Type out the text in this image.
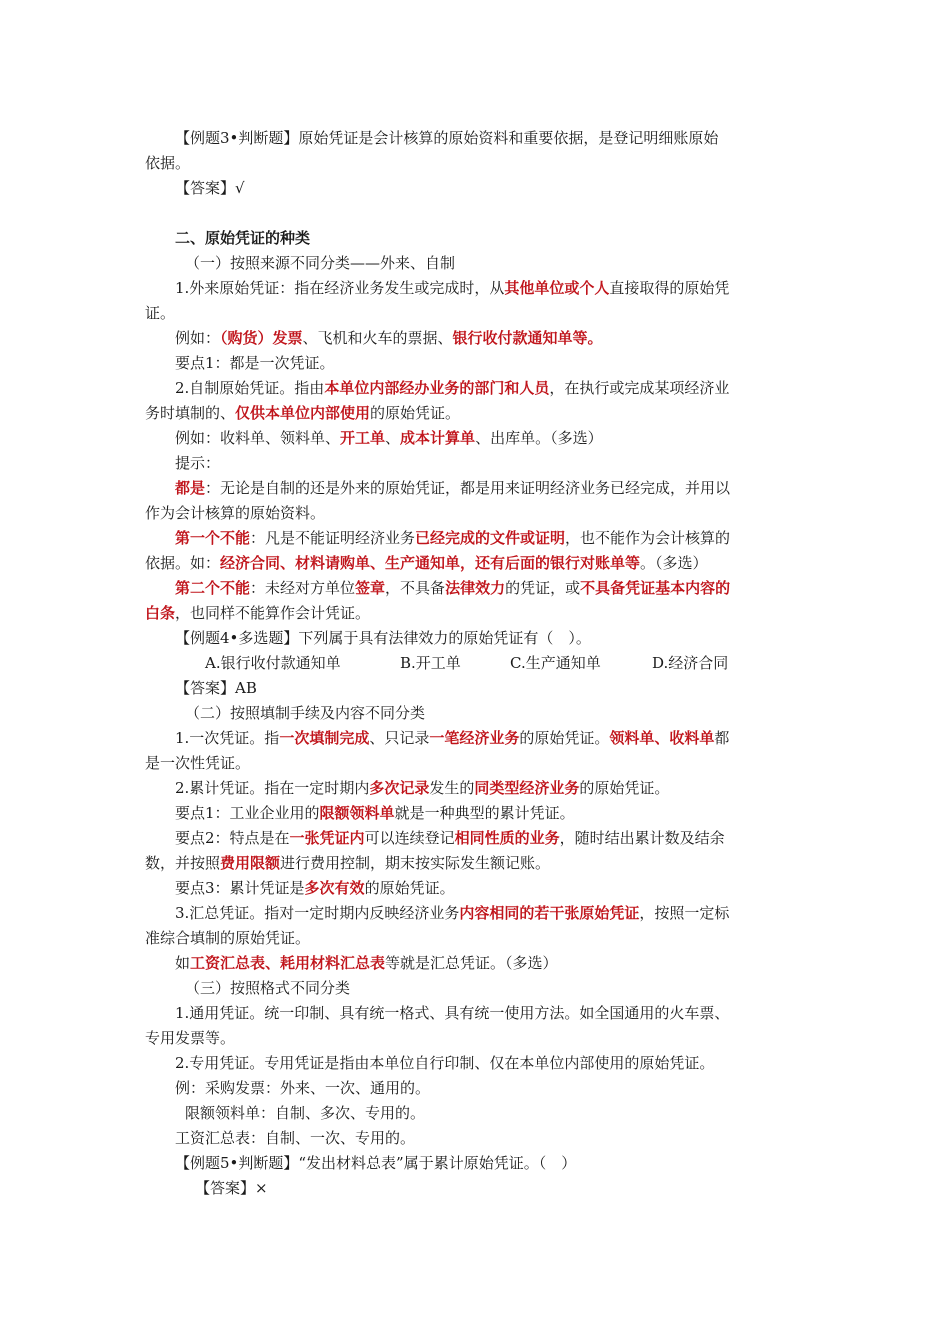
【例题3•判断题】原始凭证是会计核算的原始资料和重要依据，是登记明细账原始
依据。
【答案】√
二、原始凭证的种类
（一）按照来源不同分类——外来、自制
1.外来原始凭证：指在经济业务发生或完成时，从其他单位或个人直接取得的原始凭
证。
例如：（购货）发票、飞机和火车的票据、银行收付款通知单等。
要点1：都是一次凭证。
2.自制原始凭证。指由本单位内部经办业务的部门和人员，在执行或完成某项经济业
务时填制的、仅供本单位内部使用的原始凭证。
例如：收料单、领料单、开工单、成本计算单、出库单。（多选）
提示：
都是：无论是自制的还是外来的原始凭证，都是用来证明经济业务已经完成，并用以
作为会计核算的原始资料。
第一个不能：凡是不能证明经济业务已经完成的文件或证明，也不能作为会计核算的
依据。如：经济合同、材料请购单、生产通知单，还有后面的银行对账单等。（多选）
第二个不能：未经对方单位签章，不具备法律效力的凭证，或不具备凭证基本内容的
白条，也同样不能算作会计凭证。
【例题4•多选题】下列属于具有法律效力的原始凭证有（　）。
A.银行收付款通知单	B.开工单	C.生产通知单	D.经济合同
【答案】AB
（二）按照填制手续及内容不同分类
1.一次凭证。指一次填制完成、只记录一笔经济业务的原始凭证。领料单、收料单都
是一次性凭证。
2.累计凭证。指在一定时期内多次记录发生的同类型经济业务的原始凭证。
要点1：工业企业用的限额领料单就是一种典型的累计凭证。
要点2：特点是在一张凭证内可以连续登记相同性质的业务，随时结出累计数及结余
数，并按照费用限额进行费用控制，期末按实际发生额记账。
要点3：累计凭证是多次有效的原始凭证。
3.汇总凭证。指对一定时期内反映经济业务内容相同的若干张原始凭证，按照一定标
准综合填制的原始凭证。
如工资汇总表、耗用材料汇总表等就是汇总凭证。（多选）
（三）按照格式不同分类
1.通用凭证。统一印制、具有统一格式、具有统一使用方法。如全国通用的火车票、
专用发票等。
2.专用凭证。专用凭证是指由本单位自行印制、仅在本单位内部使用的原始凭证。
例：采购发票：外来、一次、通用的。
限额领料单：自制、多次、专用的。
工资汇总表：自制、一次、专用的。
【例题5•判断题】“发出材料总表”属于累计原始凭证。（　）
【答案】×
